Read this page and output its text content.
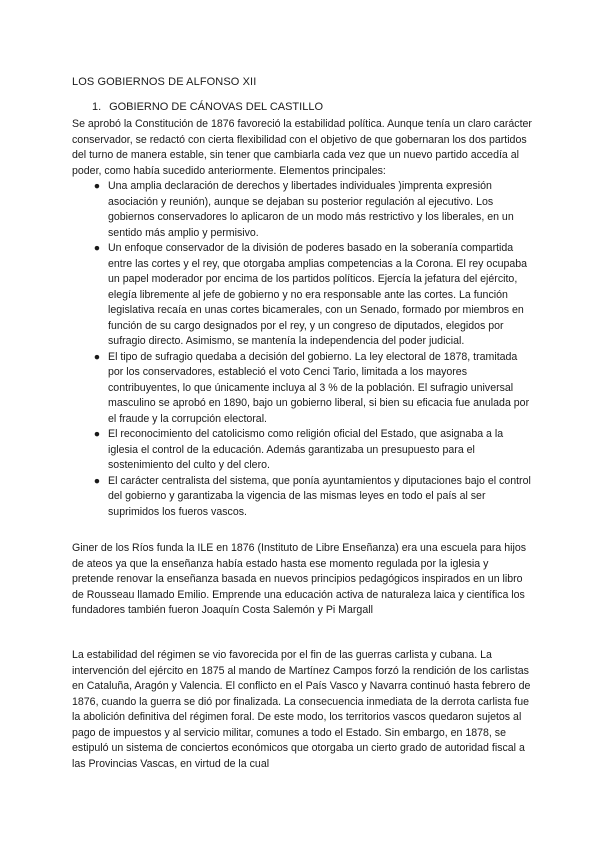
LOS GOBIERNOS DE ALFONSO XII
1. GOBIERNO DE CÁNOVAS DEL CASTILLO

Se aprobó la Constitución de 1876 favoreció la estabilidad política. Aunque tenía un claro carácter conservador, se redactó con cierta flexibilidad con el objetivo de que gobernaran los dos partidos del turno de manera estable, sin tener que cambiarla cada vez que un nuevo partido accedía al poder, como había sucedido anteriormente. Elementos principales:

● Una amplia declaración de derechos y libertades individuales )imprenta expresión asociación y reunión), aunque se dejaban su posterior regulación al ejecutivo. Los gobiernos conservadores lo aplicaron de un modo más restrictivo y los liberales, en un sentido más amplio y permisivo.

● Un enfoque conservador de la división de poderes basado en la soberanía compartida entre las cortes y el rey, que otorgaba amplias competencias a la Corona. El rey ocupaba un papel moderador por encima de los partidos políticos. Ejercía la jefatura del ejército, elegía libremente al jefe de gobierno y no era responsable ante las cortes. La función legislativa recaía en unas cortes bicamerales, con un Senado, formado por miembros en función de su cargo designados por el rey, y un congreso de diputados, elegidos por sufragio directo. Asimismo, se mantenía la independencia del poder judicial.

● El tipo de sufragio quedaba a decisión del gobierno. La ley electoral de 1878, tramitada por los conservadores, estableció el voto Cenci Tario, limitada a los mayores contribuyentes, lo que únicamente incluya al 3 % de la población. El sufragio universal masculino se aprobó en 1890, bajo un gobierno liberal, si bien su eficacia fue anulada por el fraude y la corrupción electoral.

● El reconocimiento del catolicismo como religión oficial del Estado, que asignaba a la iglesia el control de la educación. Además garantizaba un presupuesto para el sostenimiento del culto y del clero.

● El carácter centralista del sistema, que ponía ayuntamientos y diputaciones bajo el control del gobierno y garantizaba la vigencia de las mismas leyes en todo el país al ser suprimidos los fueros vascos.

Giner de los Ríos funda la ILE en 1876 (Instituto de Libre Enseñanza) era una escuela para hijos de ateos ya que la enseñanza había estado hasta ese momento regulada por la iglesia y pretende renovar la enseñanza basada en nuevos principios pedagógicos inspirados en un libro de Rousseau llamado Emilio. Emprende una educación activa de naturaleza laica y científica los fundadores también fueron Joaquín Costa Salemón y Pi Margall

La estabilidad del régimen se vio favorecida por el fin de las guerras carlista y cubana. La intervención del ejército en 1875 al mando de Martínez Campos forzó la rendición de los carlistas en Cataluña, Aragón y Valencia. El conflicto en el País Vasco y Navarra continuó hasta febrero de 1876, cuando la guerra se dió por finalizada. La consecuencia inmediata de la derrota carlista fue la abolición definitiva del régimen foral. De este modo, los territorios vascos quedaron sujetos al pago de impuestos y al servicio militar, comunes a todo el Estado. Sin embargo, en 1878, se estipuló un sistema de conciertos económicos que otorgaba un cierto grado de autoridad fiscal a las Provincias Vascas, en virtud de la cual
